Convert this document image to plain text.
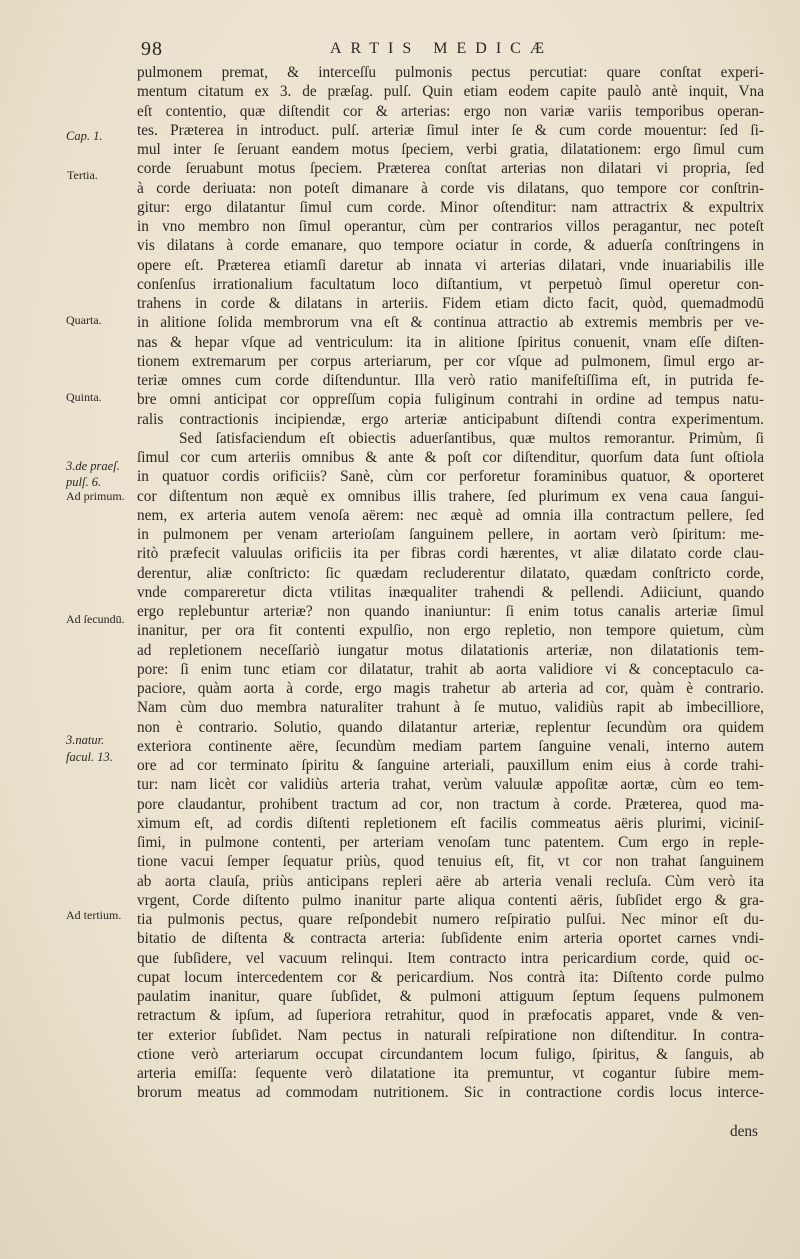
98	ARTIS MEDICÆ
Cap. 1.
Tertia.
Quarta.
Quinta.
3.de praeſ.
pulſ. 6.
Ad primum.
Ad ſecundū.
3.natur.
facul. 13.
Ad tertium.
pulmonem premat, & interceſſu pulmonis pectus percutiat: quare conſtat experi-
mentum citatum ex 3. de præſag. pulſ. Quin etiam eodem capite paulò antè inquit, Vna
eſt contentio, quæ diſtendit cor & arterias: ergo non variæ variis temporibus operan-
tes. Præterea in introduct. pulſ. arteriæ ſimul inter ſe & cum corde mouentur: ſed ſi-
mul inter ſe ſeruant eandem motus ſpeciem, verbi gratia, dilatationem: ergo ſimul cum
corde ſeruabunt motus ſpeciem. Præterea conſtat arterias non dilatari vi propria, ſed
à corde deriuata: non poteſt dimanare à corde vis dilatans, quo tempore cor conſtrin-
gitur: ergo dilatantur ſimul cum corde. Minor oſtenditur: nam attractrix & expultrix
in vno membro non ſimul operantur, cùm per contrarios villos peragantur, nec poteſt
vis dilatans à corde emanare, quo tempore ociatur in corde, & aduerſa conſtringens in
opere eſt. Præterea etiamſi daretur ab innata vi arterias dilatari, vnde inuariabilis ille
conſenſus irrationalium facultatum loco diſtantium, vt perpetuò ſimul operetur con-
trahens in corde & dilatans in arteriis. Fidem etiam dicto facit, quòd, quemadmodū
in alitione ſolida membrorum vna eſt & continua attractio ab extremis membris per ve-
nas & hepar vſque ad ventriculum: ita in alitione ſpiritus conuenit, vnam eſſe diſten-
tionem extremarum per corpus arteriarum, per cor vſque ad pulmonem, ſimul ergo ar-
teriæ omnes cum corde diſtenduntur. Illa verò ratio manifeſtiſſima eſt, in putrida fe-
bre omni anticipat cor oppreſſum copia fuliginum contrahi in ordine ad tempus natu-
ralis contractionis incipiendæ, ergo arteriæ anticipabunt diſtendi contra experimentum.
Sed ſatisfaciendum eſt obiectis aduerſantibus, quæ multos remorantur. Primùm, ſi
ſimul cor cum arteriis omnibus & ante & poſt cor diſtenditur, quorſum data ſunt oſtiola
in quatuor cordis orificiis? Sanè, cùm cor perforetur foraminibus quatuor, & oporteret
cor diſtentum non æquè ex omnibus illis trahere, ſed plurimum ex vena caua ſangui-
nem, ex arteria autem venoſa aërem: nec æquè ad omnia illa contractum pellere, ſed
in pulmonem per venam arterioſam ſanguinem pellere, in aortam verò ſpiritum: me-
ritò præfecit valuulas orificiis ita per fibras cordi hærentes, vt aliæ dilatato corde clau-
derentur, aliæ conſtricto: ſic quædam recluderentur dilatato, quædam conſtricto corde,
vnde compareretur dicta vtilitas inæqualiter trahendi & pellendi. Adiiciunt, quando
ergo replebuntur arteriæ? non quando inaniuntur: ſi enim totus canalis arteriæ ſimul
inanitur, per ora fit contenti expulſio, non ergo repletio, non tempore quietum, cùm
ad repletionem neceſſariò iungatur motus dilatationis arteriæ, non dilatationis tem-
pore: ſi enim tunc etiam cor dilatatur, trahit ab aorta validiore vi & conceptaculo ca-
paciore, quàm aorta à corde, ergo magis trahetur ab arteria ad cor, quàm è contrario.
Nam cùm duo membra naturaliter trahunt à ſe mutuo, validiùs rapit ab imbecilliore,
non è contrario. Solutio, quando dilatantur arteriæ, replentur ſecundùm ora quidem
exteriora continente aëre, ſecundùm mediam partem ſanguine venali, interno autem
ore ad cor terminato ſpiritu & ſanguine arteriali, pauxillum enim eius à corde trahi-
tur: nam licèt cor validiùs arteria trahat, verùm valuulæ appoſitæ aortæ, cùm eo tem-
pore claudantur, prohibent tractum ad cor, non tractum à corde. Præterea, quod ma-
ximum eſt, ad cordis diſtenti repletionem eſt facilis commeatus aëris plurimi, viciniſ-
ſimi, in pulmone contenti, per arteriam venoſam tunc patentem. Cum ergo in reple-
tione vacui ſemper ſequatur priùs, quod tenuius eſt, fit, vt cor non trahat ſanguinem
ab aorta clauſa, priùs anticipans repleri aëre ab arteria venali recluſa. Cùm verò ita
vrgent, Corde diſtento pulmo inanitur parte aliqua contenti aëris, ſubſidet ergo & gra-
tia pulmonis pectus, quare reſpondebit numero reſpiratio pulſui. Nec minor eſt du-
bitatio de diſtenta & contracta arteria: ſubſidente enim arteria oportet carnes vndi-
que ſubſidere, vel vacuum relinqui. Item contracto intra pericardium corde, quid oc-
cupat locum intercedentem cor & pericardium. Nos contrà ita: Diſtento corde pulmo
paulatim inanitur, quare ſubſidet, & pulmoni attiguum ſeptum ſequens pulmonem
retractum & ipſum, ad ſuperiora retrahitur, quod in præfocatis apparet, vnde & ven-
ter exterior ſubſidet. Nam pectus in naturali reſpiratione non diſtenditur. In contra-
ctione verò arteriarum occupat circundantem locum fuligo, ſpiritus, & ſanguis, ab
arteria emiſſa: ſequente verò dilatatione ita premuntur, vt cogantur ſubire mem-
brorum meatus ad commodam nutritionem. Sic in contractione cordis locus interce-
dens
